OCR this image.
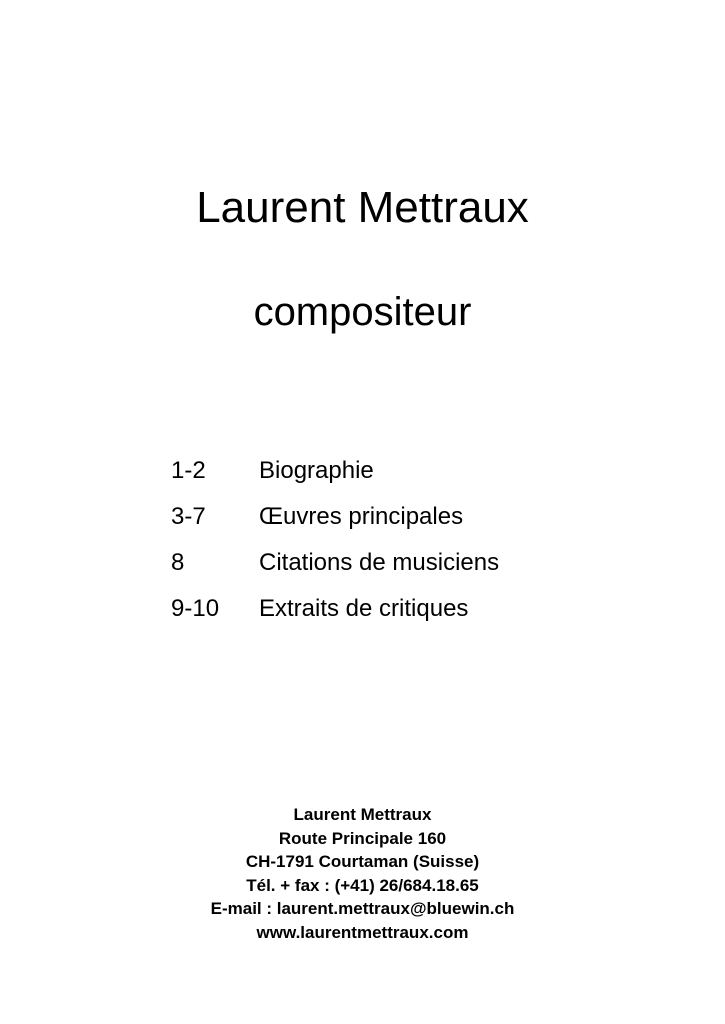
Laurent Mettraux
compositeur
1-2	Biographie
3-7	Œuvres principales
8	Citations de musiciens
9-10	Extraits de critiques
Laurent Mettraux
Route Principale 160
CH-1791 Courtaman (Suisse)
Tél. + fax : (+41) 26/684.18.65
E-mail : laurent.mettraux@bluewin.ch
www.laurentmettraux.com
